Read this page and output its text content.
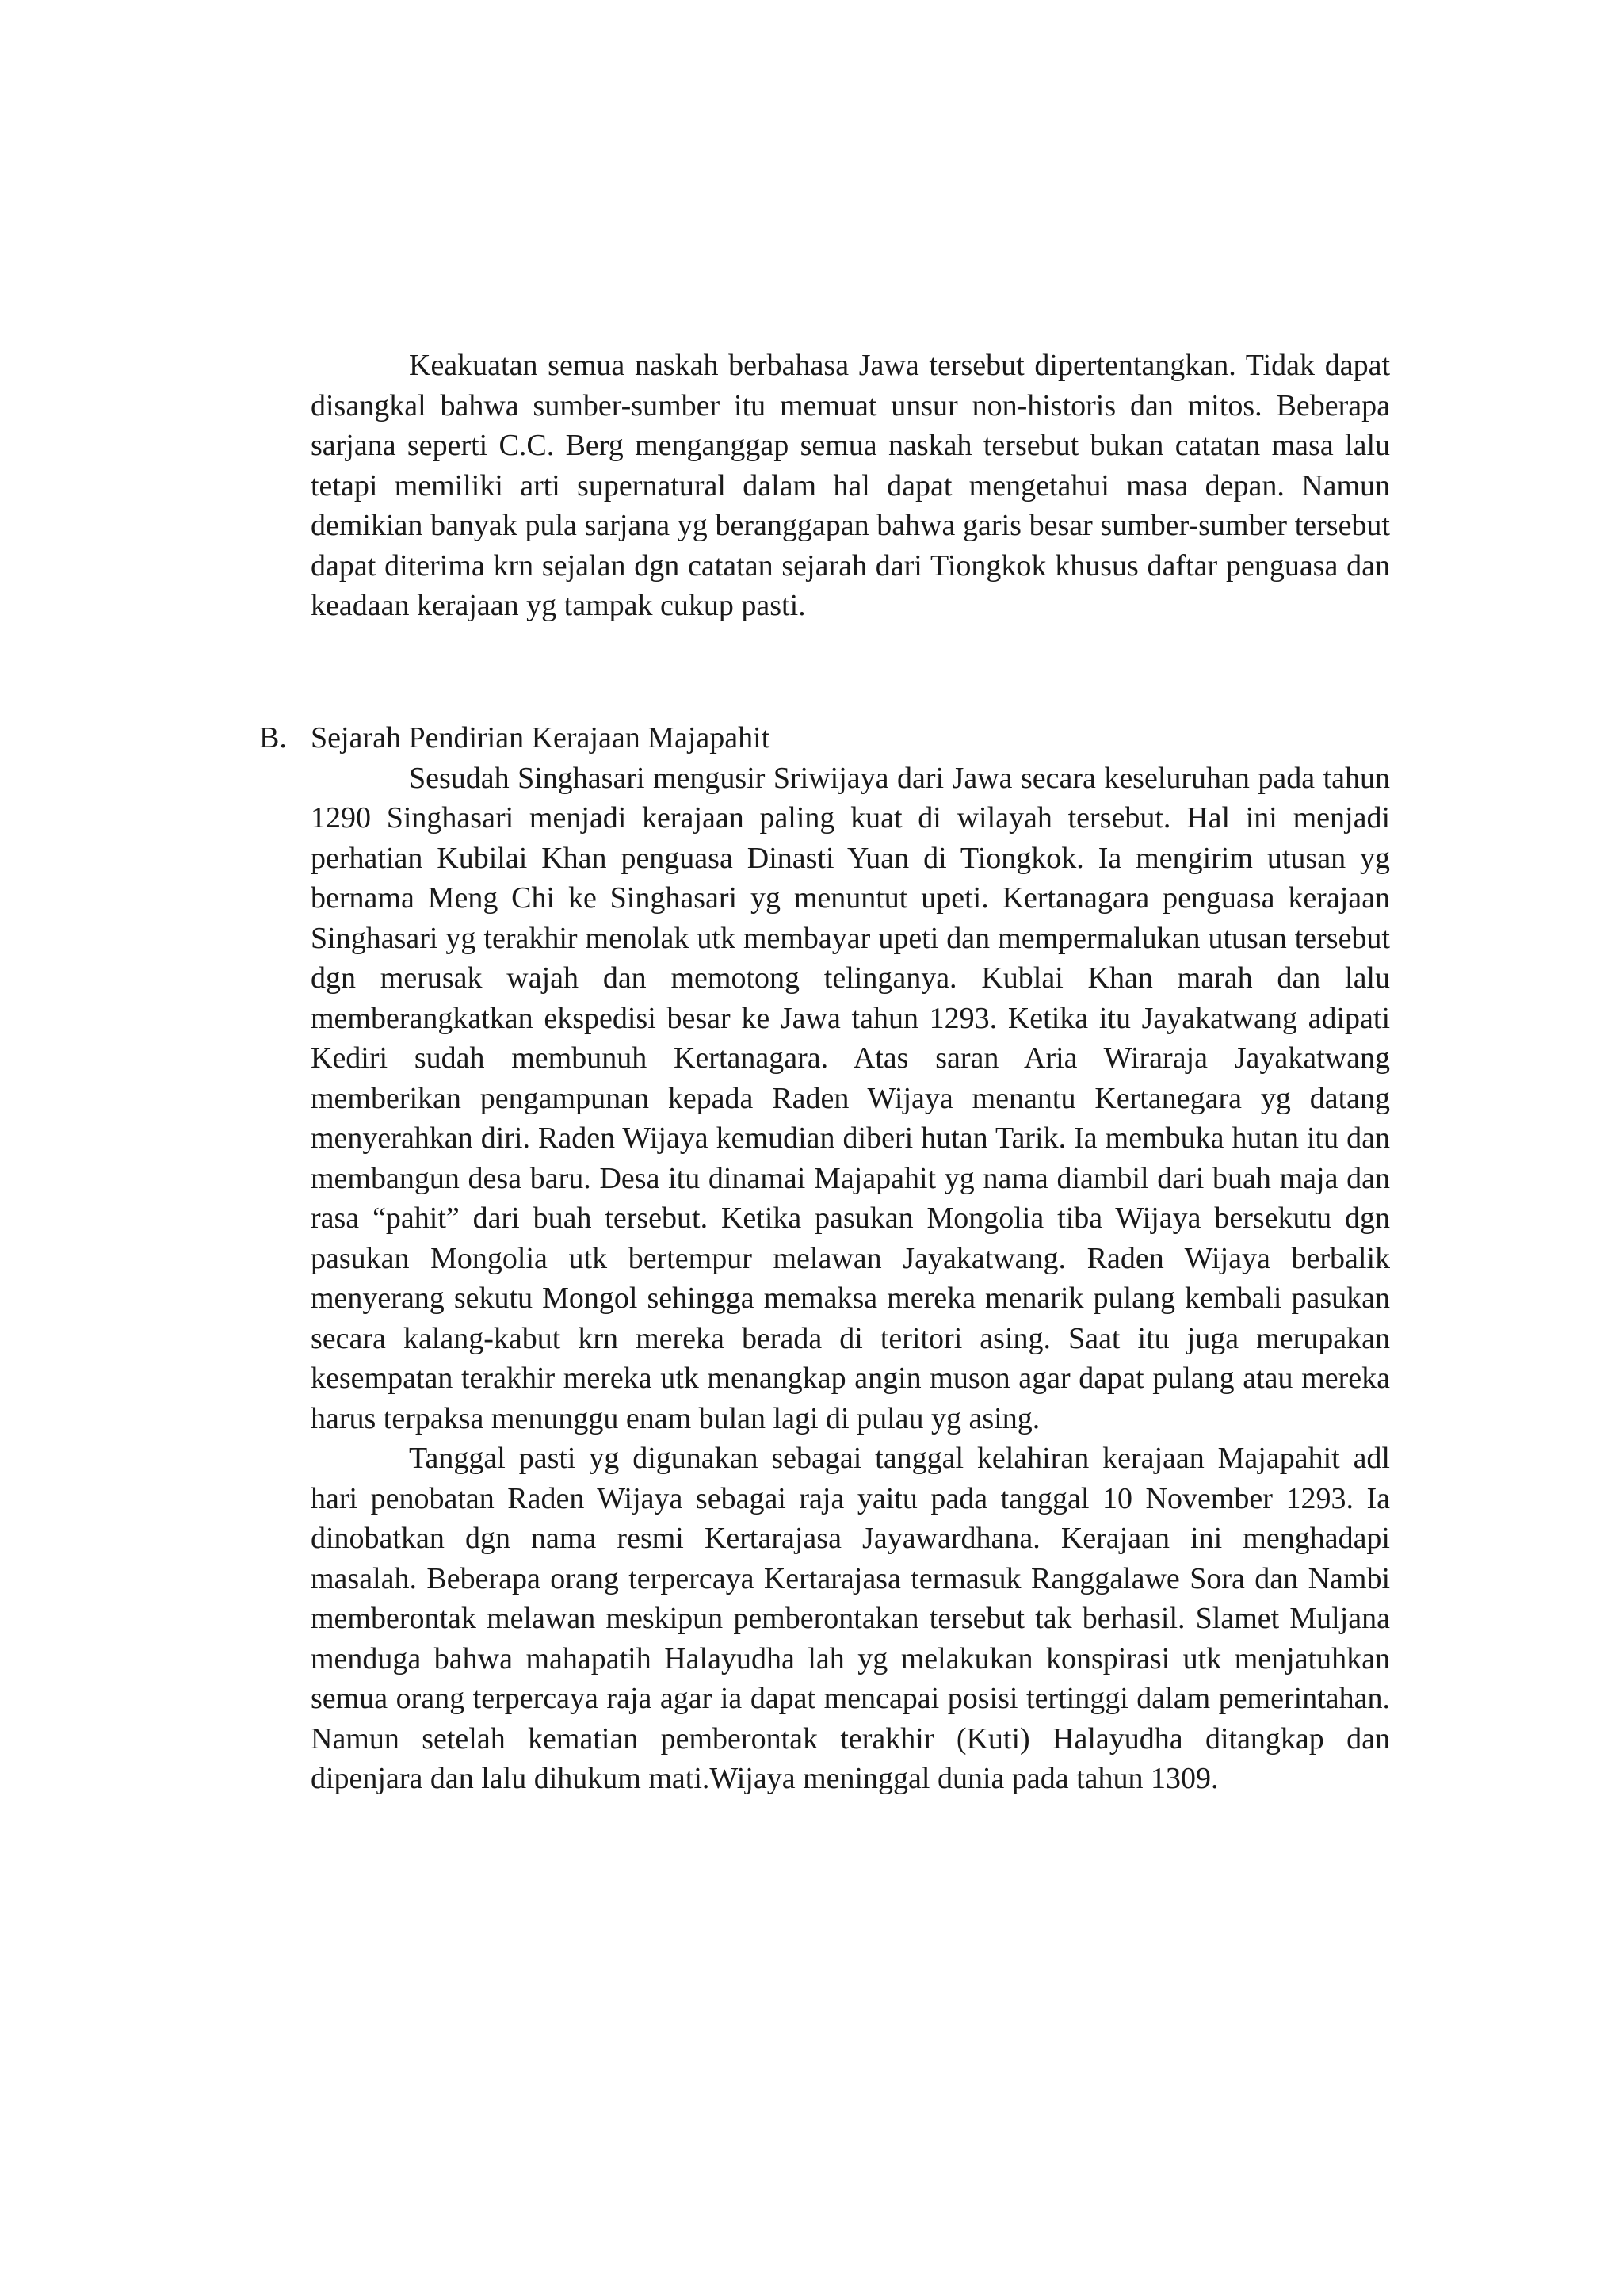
Keakuatan semua naskah berbahasa Jawa tersebut dipertentangkan. Tidak dapat disangkal bahwa sumber-sumber itu memuat unsur non-historis dan mitos. Beberapa sarjana seperti C.C. Berg menganggap semua naskah tersebut bukan catatan masa lalu tetapi memiliki arti supernatural dalam hal dapat mengetahui masa depan. Namun demikian banyak pula sarjana yg beranggapan bahwa garis besar sumber-sumber tersebut dapat diterima krn sejalan dgn catatan sejarah dari Tiongkok khusus daftar penguasa dan keadaan kerajaan yg tampak cukup pasti.

B. Sejarah Pendirian Kerajaan Majapahit

Sesudah Singhasari mengusir Sriwijaya dari Jawa secara keseluruhan pada tahun 1290 Singhasari menjadi kerajaan paling kuat di wilayah tersebut. Hal ini menjadi perhatian Kubilai Khan penguasa Dinasti Yuan di Tiongkok. Ia mengirim utusan yg bernama Meng Chi ke Singhasari yg menuntut upeti. Kertanagara penguasa kerajaan Singhasari yg terakhir menolak utk membayar upeti dan mempermalukan utusan tersebut dgn merusak wajah dan memotong telinganya. Kublai Khan marah dan lalu memberangkatkan ekspedisi besar ke Jawa tahun 1293. Ketika itu Jayakatwang adipati Kediri sudah membunuh Kertanagara. Atas saran Aria Wiraraja Jayakatwang memberikan pengampunan kepada Raden Wijaya menantu Kertanegara yg datang menyerahkan diri. Raden Wijaya kemudian diberi hutan Tarik. Ia membuka hutan itu dan membangun desa baru. Desa itu dinamai Majapahit yg nama diambil dari buah maja dan rasa “pahit” dari buah tersebut. Ketika pasukan Mongolia tiba Wijaya bersekutu dgn pasukan Mongolia utk bertempur melawan Jayakatwang. Raden Wijaya berbalik menyerang sekutu Mongol sehingga memaksa mereka menarik pulang kembali pasukan secara kalang-kabut krn mereka berada di teritori asing. Saat itu juga merupakan kesempatan terakhir mereka utk menangkap angin muson agar dapat pulang atau mereka harus terpaksa menunggu enam bulan lagi di pulau yg asing.

Tanggal pasti yg digunakan sebagai tanggal kelahiran kerajaan Majapahit adl hari penobatan Raden Wijaya sebagai raja yaitu pada tanggal 10 November 1293. Ia dinobatkan dgn nama resmi Kertarajasa Jayawardhana. Kerajaan ini menghadapi masalah. Beberapa orang terpercaya Kertarajasa termasuk Ranggalawe Sora dan Nambi memberontak melawan meskipun pemberontakan tersebut tak berhasil. Slamet Muljana menduga bahwa mahapatih Halayudha lah yg melakukan konspirasi utk menjatuhkan semua orang terpercaya raja agar ia dapat mencapai posisi tertinggi dalam pemerintahan. Namun setelah kematian pemberontak terakhir (Kuti) Halayudha ditangkap dan dipenjara dan lalu dihukum mati.Wijaya meninggal dunia pada tahun 1309.
